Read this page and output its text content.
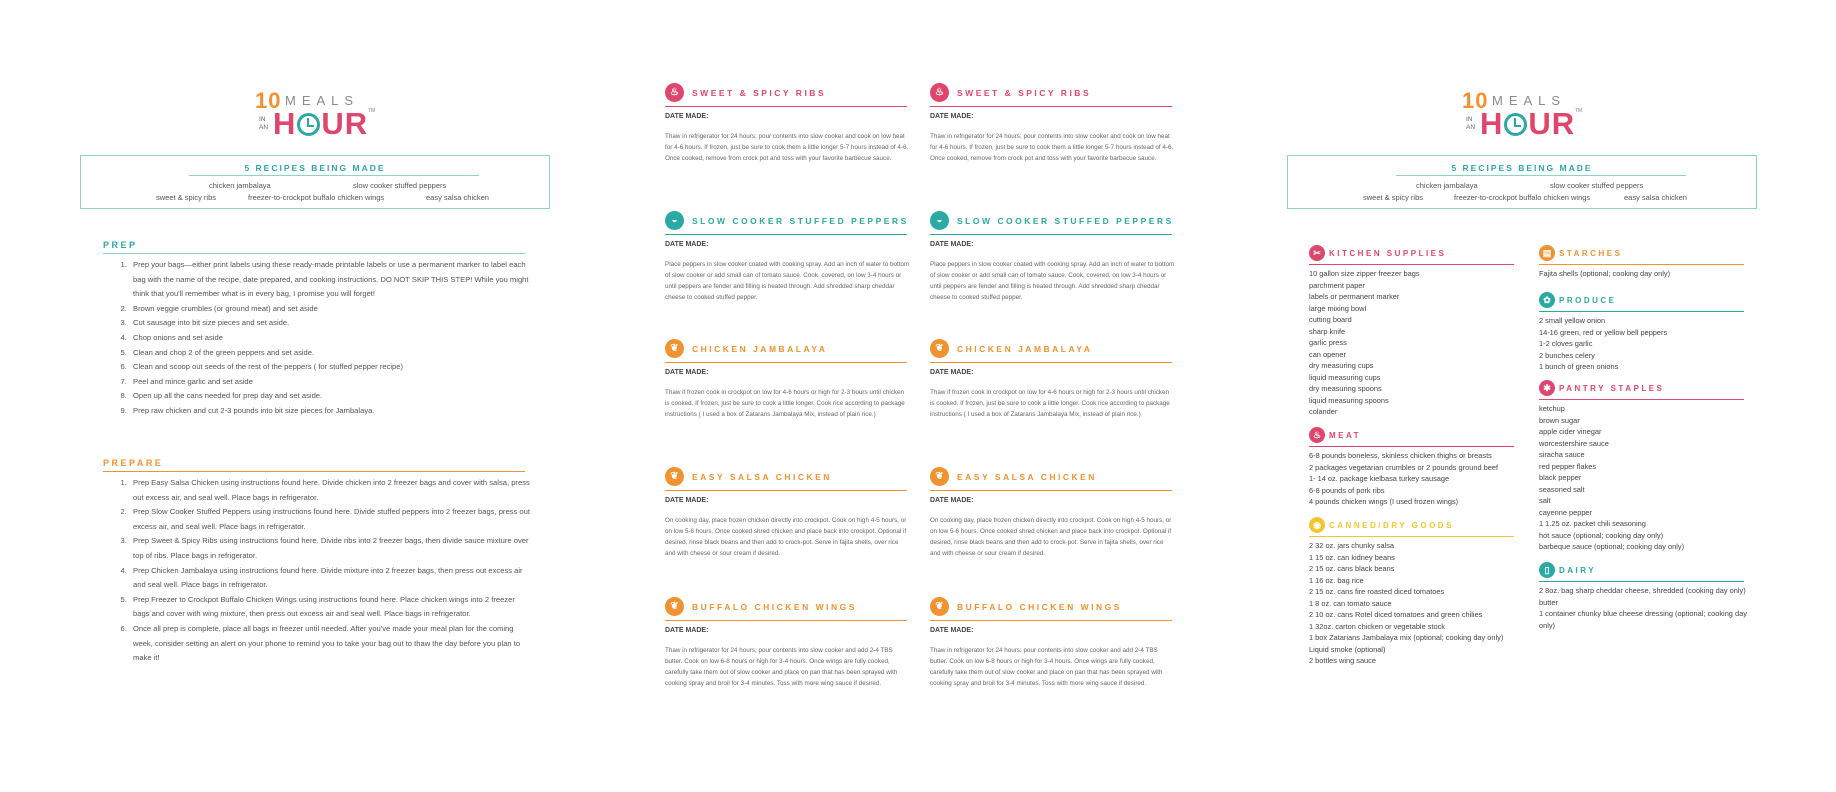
10 MEALS
IN
AN H UR TM
5 RECIPES BEING MADE
chicken jambalaya	slow cooker stuffed peppers
sweet & spicy ribs	freezer-to-crockpot buffalo chicken wings	easy salsa chicken
PREP
1. Prep your bags—either print labels using these ready-made printable labels or use a permanent marker to label each bag with the name of the recipe, date prepared, and cooking instructions. DO NOT SKIP THIS STEP! While you might think that you'll remember what is in every bag, I promise you will forget!
2. Brown veggie crumbles (or ground meat) and set aside
3. Cut sausage into bit size pieces and set aside.
4. Chop onions and set aside
5. Clean and chop 2 of the green peppers and set aside.
6. Clean and scoop out seeds of the rest of the peppers ( for stuffed pepper recipe)
7. Peel and mince garlic and set aside
8. Open up all the cans needed for prep day and set aside.
9. Prep raw chicken and cut 2-3 pounds into bit size pieces for Jambalaya.
PREPARE
1. Prep Easy Salsa Chicken using instructions found here. Divide chicken into 2 freezer bags and cover with salsa, press out excess air, and seal well. Place bags in refrigerator.
2. Prep Slow Cooker Stuffed Peppers using instructions found here. Divide stuffed peppers into 2 freezer bags, press out excess air, and seal well. Place bags in refrigerator.
3. Prep Sweet & Spicy Ribs using instructions found here. Divide ribs into 2 freezer bags, then divide sauce mixture over top of ribs. Place bags in refrigerator.
4. Prep Chicken Jambalaya using instructions found here. Divide mixture into 2 freezer bags, then press out excess air and seal well. Place bags in refrigerator.
5. Prep Freezer to Crockpot Buffalo Chicken Wings using instructions found here. Place chicken wings into 2 freezer bags and cover with wing mixture, then press out excess air and seal well. Place bags in refrigerator.
6. Once all prep is complete, place all bags in freezer until needed. After you've made your meal plan for the coming week, consider setting an alert on your phone to remind you to take your bag out to thaw the day before you plan to make it!
♨	SWEET & SPICY RIBS
DATE MADE:
Thaw in refrigerator for 24 hours; pour contents into slow cooker and cook on low heat for 4-6 hours. If frozen, just be sure to cook them a little longer 5-7 hours instead of 4-6. Once cooked, remove from crock pot and toss with your favorite barbecue sauce.
◒	SLOW COOKER STUFFED PEPPERS
DATE MADE:
Place peppers in slow cooker coated with cooking spray. Add an inch of water to bottom of slow cooker or add small can of tomato sauce. Cook, covered, on low 3-4 hours or until peppers are fender and filling is heated through. Add shredded sharp cheddar cheese to cooked stuffed pepper.
❦	CHICKEN JAMBALAYA
DATE MADE:
Thaw if frozen cook in crockpot on low for 4-6 hours or high for 2-3 hours until chicken is cooked. If frozen, just be sure to cook a little longer. Cook rice according to package instructions ( I used a box of Zatarans Jambalaya Mix, instead of plain rice.)
❦	EASY SALSA CHICKEN
DATE MADE:
On cooking day, place frozen chicken directly into crockpot. Cook on high 4-5 hours, or on low 5-6 hours. Once cooked shred chicken and place back into crockpot. Optional if desired, rinse black beans and then add to crock-pot. Serve in fajita shells, over rice and with cheese or sour cream if desired.
❦	BUFFALO CHICKEN WINGS
DATE MADE:
Thaw in refrigerator for 24 hours; pour contents into slow cooker and add 2-4 TBS butter. Cook on low 6-8 hours or high for 3-4 hours. Once wings are fully cooked, carefully take them out of slow cooker and place on pan that has been sprayed with cooking spray and broil for 3-4 minutes. Toss with more wing sauce if desired.
♨	SWEET & SPICY RIBS
DATE MADE:
Thaw in refrigerator for 24 hours; pour contents into slow cooker and cook on low heat for 4-6 hours. If frozen, just be sure to cook them a little longer 5-7 hours instead of 4-6. Once cooked, remove from crock pot and toss with your favorite barbecue sauce.
◒	SLOW COOKER STUFFED PEPPERS
DATE MADE:
Place peppers in slow cooker coated with cooking spray. Add an inch of water to bottom of slow cooker or add small can of tomato sauce. Cook, covered, on low 3-4 hours or until peppers are fender and filling is heated through. Add shredded sharp cheddar cheese to cooked stuffed pepper.
❦	CHICKEN JAMBALAYA
DATE MADE:
Thaw if frozen cook in crockpot on low for 4-6 hours or high for 2-3 hours until chicken is cooked. If frozen, just be sure to cook a little longer. Cook rice according to package instructions ( I used a box of Zatarans Jambalaya Mix, instead of plain rice.)
❦	EASY SALSA CHICKEN
DATE MADE:
On cooking day, place frozen chicken directly into crockpot. Cook on high 4-5 hours, or on low 5-6 hours. Once cooked shred chicken and place back into crockpot. Optional if desired, rinse black beans and then add to crock-pot. Serve in fajita shells, over rice and with cheese or sour cream if desired.
❦	BUFFALO CHICKEN WINGS
DATE MADE:
Thaw in refrigerator for 24 hours; pour contents into slow cooker and add 2-4 TBS butter. Cook on low 6-8 hours or high for 3-4 hours. Once wings are fully cooked, carefully take them out of slow cooker and place on pan that has been sprayed with cooking spray and broil for 3-4 minutes. Toss with more wing sauce if desired.
10 MEALS
IN
AN H UR TM
5 RECIPES BEING MADE
chicken jambalaya	slow cooker stuffed peppers
sweet & spicy ribs	freezer-to-crockpot buffalo chicken wings	easy salsa chicken
✂	KITCHEN SUPPLIES
10 gallon size zipper freezer bags
parchment paper
labels or permanent marker
large mixing bowl
cutting board
sharp knife
garlic press
can opener
dry measuring cups
liquid measuring cups
dry measuring spoons
liquid measuring spoons
colander
♨ MEAT
6-8 pounds boneless, skinless chicken thighs or breasts
2 packages vegetarian crumbles or 2 pounds ground beef
1- 14 oz. package kielbasa turkey sausage
6-8 pounds of pork ribs
4 pounds chicken wings (I used frozen wings)
◉	CANNED/DRY GOODS
2 32 oz. jars chunky salsa
1 15 oz. can kidney beans
2 15 oz. cans black beans
1 16 oz. bag rice
2 15 oz. cans fire roasted diced tomatoes
1 8 oz. can tomato sauce
2 10 oz. cans Rotel diced tomatoes and green chilies
1 32oz. carton chicken or vegetable stock
1 box Zatarians Jambalaya mix (optional; cooking day only)
Liquid smoke (optional)
2 bottles wing sauce
▤ STARCHES
Fajita shells (optional; cooking day only)
✿	PRODUCE
2 small yellow onion
14-16 green, red or yellow bell peppers
1-2 cloves garlic
2 bunches celery
1 bunch of green onions
✱	PANTRY STAPLES
ketchup
brown sugar
apple cider vinegar
worcestershire sauce
siracha sauce
red pepper flakes
black pepper
seasoned salt
salt
cayenne pepper
1 1.25 oz. packet chili seasoning
hot sauce (optional; cooking day only)
barbeque sauce (optional; cooking day only)
▯	DAIRY
2 8oz. bag sharp cheddar cheese, shredded (cooking day only)
butter
1 container chunky blue cheese dressing (optional; cooking day only)
